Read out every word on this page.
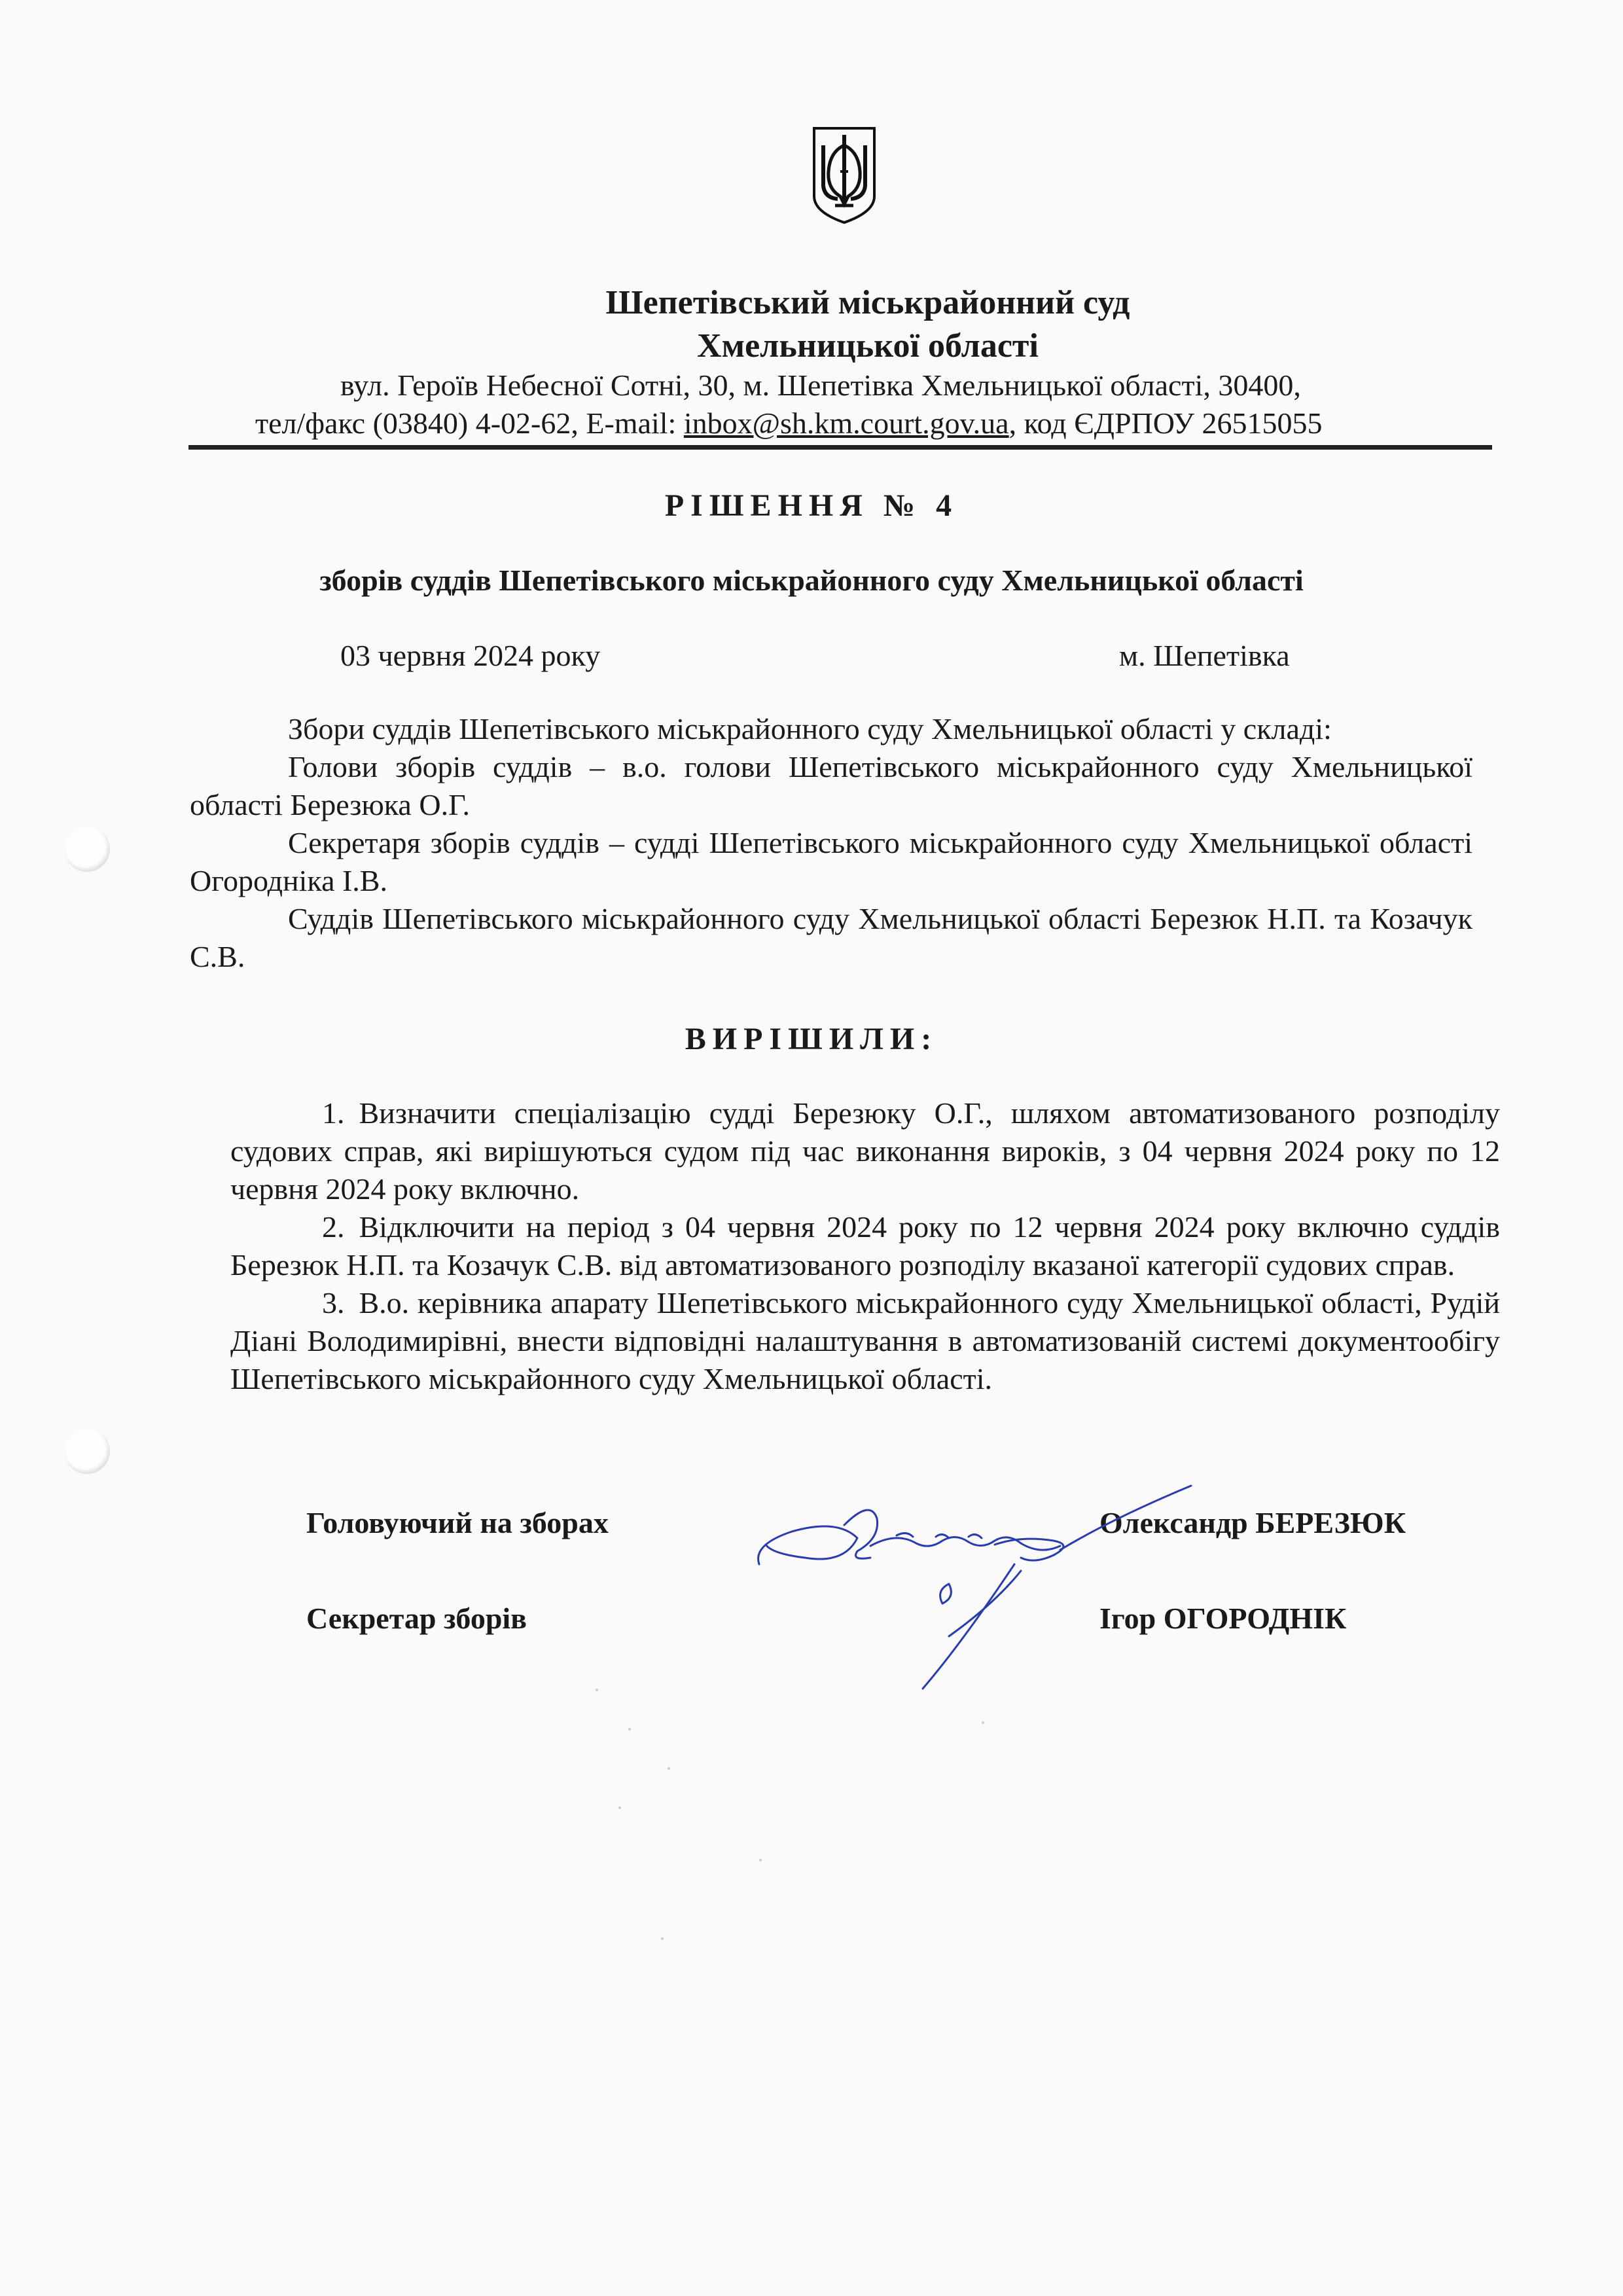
Шепетівський міськрайонний суд
Хмельницької області
вул. Героїв Небесної Сотні, 30, м. Шепетівка Хмельницької області, 30400,
тел/факс (03840) 4-02-62, E-mail: inbox@sh.km.court.gov.ua, код ЄДРПОУ 26515055
РІШЕННЯ № 4
зборів суддів Шепетівського міськрайонного суду Хмельницької області
03 червня 2024 року	м. Шепетівка

Збори суддів Шепетівського міськрайонного суду Хмельницької області у складі:

Голови зборів суддів – в.о. голови Шепетівського міськрайонного суду Хмельницької області Березюка О.Г.

Секретаря зборів суддів – судді Шепетівського міськрайонного суду Хмельницької області Огородніка І.В.

Суддів Шепетівського міськрайонного суду Хмельницької області Березюк Н.П. та Козачук С.В.

ВИРІШИЛИ:

1. Визначити спеціалізацію судді Березюку О.Г., шляхом автоматизованого розподілу судових справ, які вирішуються судом під час виконання вироків, з 04 червня 2024 року по 12 червня 2024 року включно.

2. Відключити на період з 04 червня 2024 року по 12 червня 2024 року включно суддів Березюк Н.П. та Козачук С.В. від автоматизованого розподілу вказаної категорії судових справ.

3. В.о. керівника апарату Шепетівського міськрайонного суду Хмельницької області, Рудій Діані Володимирівні, внести відповідні налаштування в автоматизованій системі документообігу Шепетівського міськрайонного суду Хмельницької області.

Головуючий на зборах	Олександр БЕРЕЗЮК
Секретар зборів	Ігор ОГОРОДНІК
